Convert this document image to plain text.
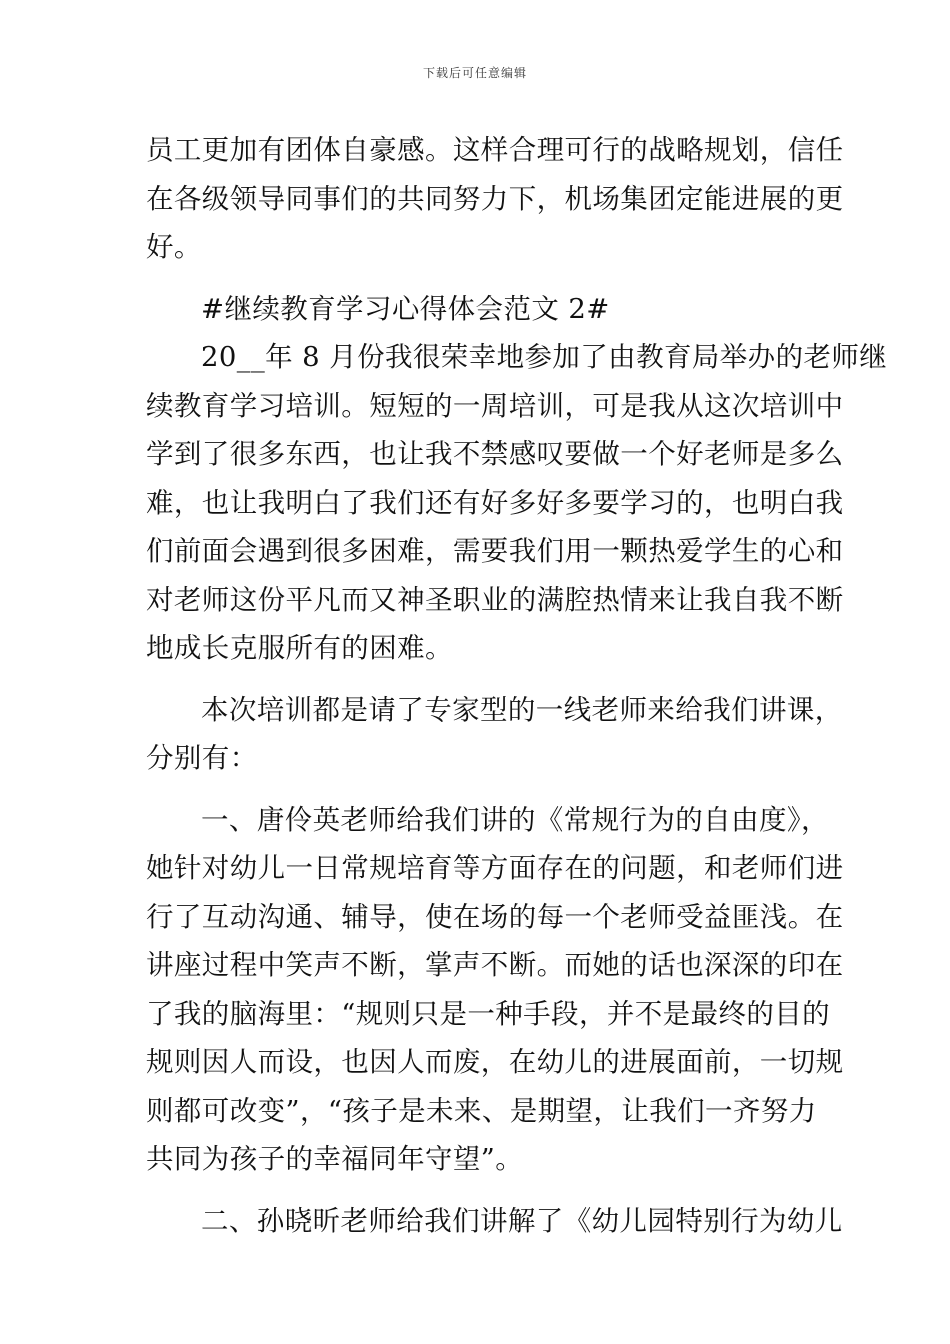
下载后可任意编辑
员工更加有团体自豪感。这样合理可行的战略规划，信任
在各级领导同事们的共同努力下，机场集团定能进展的更
好。
#继续教育学习心得体会范文 2#
20__年 8 月份我很荣幸地参加了由教育局举办的老师继
续教育学习培训。短短的一周培训，可是我从这次培训中
学到了很多东西，也让我不禁感叹要做一个好老师是多么
难，也让我明白了我们还有好多好多要学习的，也明白我
们前面会遇到很多困难，需要我们用一颗热爱学生的心和
对老师这份平凡而又神圣职业的满腔热情来让我自我不断
地成长克服所有的困难。
本次培训都是请了专家型的一线老师来给我们讲课，
分别有：
一、唐伶英老师给我们讲的《常规行为的自由度》，
她针对幼儿一日常规培育等方面存在的问题，和老师们进
行了互动沟通、辅导，使在场的每一个老师受益匪浅。在
讲座过程中笑声不断，掌声不断。而她的话也深深的印在
了我的脑海里：“规则只是一种手段，并不是最终的目的
规则因人而设，也因人而废，在幼儿的进展面前，一切规
则都可改变”，“孩子是未来、是期望，让我们一齐努力
共同为孩子的幸福同年守望”。
二、孙晓昕老师给我们讲解了《幼儿园特别行为幼儿
